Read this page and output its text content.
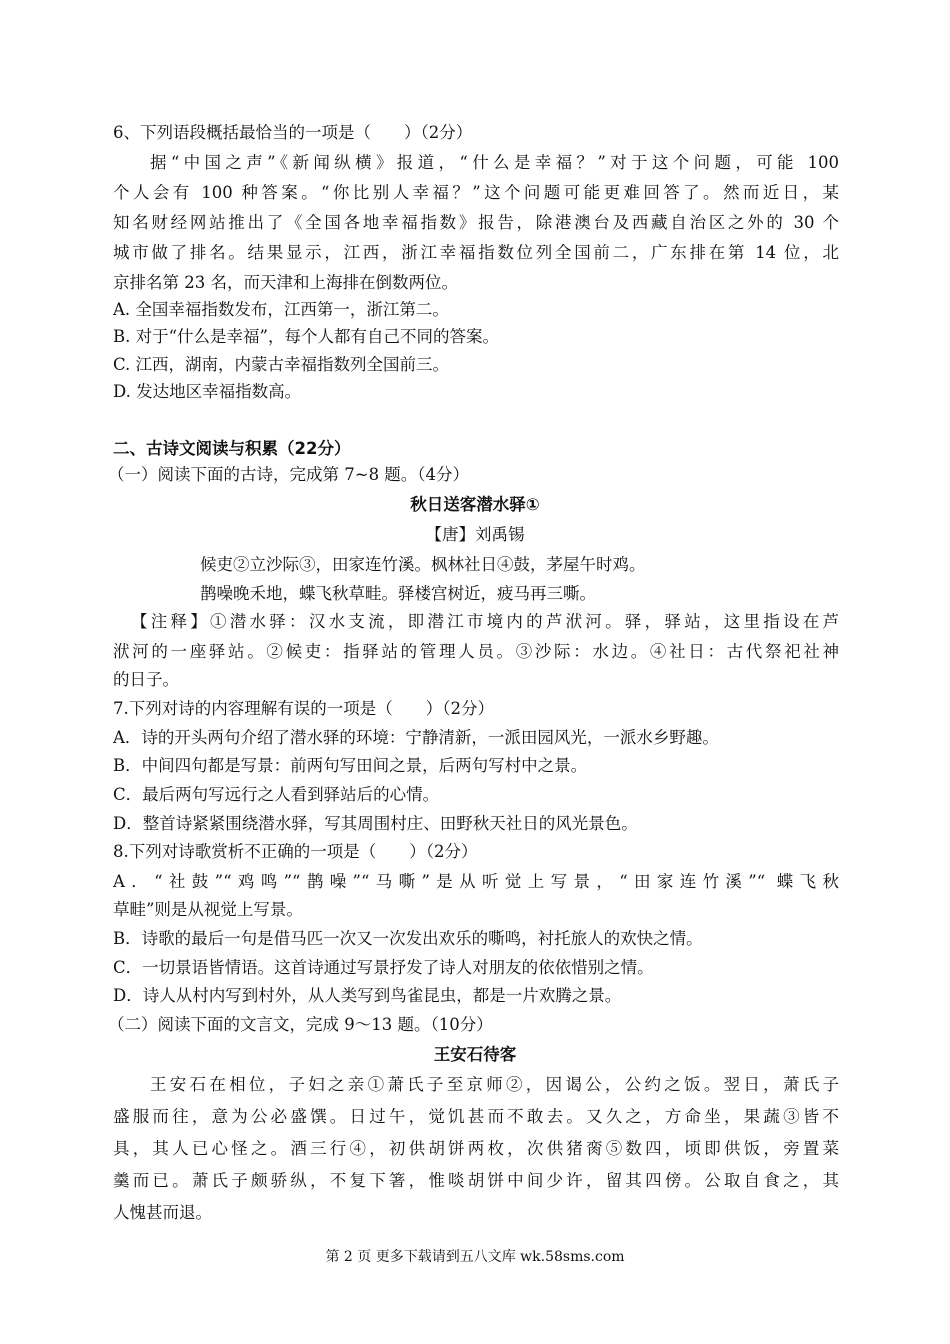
6、下列语段概括最恰当的一项是（　　）（2分）
据“中国之声”《新闻纵横》报道，“什么是幸福？”对于这个问题，可能 100
个人会有 100 种答案。“你比别人幸福？”这个问题可能更难回答了。然而近日，某
知名财经网站推出了《全国各地幸福指数》报告，除港澳台及西藏自治区之外的 30 个
城市做了排名。结果显示，江西，浙江幸福指数位列全国前二，广东排在第 14 位，北
京排名第 23 名，而天津和上海排在倒数两位。
A. 全国幸福指数发布，江西第一，浙江第二。
B. 对于“什么是幸福”，每个人都有自己不同的答案。
C. 江西，湖南，内蒙古幸福指数列全国前三。
D. 发达地区幸福指数高。
二、古诗文阅读与积累（22分）
（一）阅读下面的古诗，完成第 7~8 题。（4分）
秋日送客潜水驿①
【唐】刘禹锡
候吏②立沙际③，田家连竹溪。枫林社日④鼓，茅屋午时鸡。
鹊噪晚禾地，蝶飞秋草畦。驿楼宫树近，疲马再三嘶。
【注释】①潜水驿：汉水支流，即潜江市境内的芦洑河。驿，驿站，这里指设在芦
洑河的一座驿站。②候吏：指驿站的管理人员。③沙际：水边。④社日：古代祭祀社神
的日子。
7.下列对诗的内容理解有误的一项是（　　）（2分）
A．诗的开头两句介绍了潜水驿的环境：宁静清新，一派田园风光，一派水乡野趣。
B．中间四句都是写景：前两句写田间之景，后两句写村中之景。
C．最后两句写远行之人看到驿站后的心情。
D．整首诗紧紧围绕潜水驿，写其周围村庄、田野秋天社日的风光景色。
8.下列对诗歌赏析不正确的一项是（　　）（2分）
A．“社鼓”“鸡鸣”“鹊噪”“马嘶”是从听觉上写景，“田家连竹溪”“ 蝶飞秋
草畦”则是从视觉上写景。
B．诗歌的最后一句是借马匹一次又一次发出欢乐的嘶鸣，衬托旅人的欢快之情。
C．一切景语皆情语。这首诗通过写景抒发了诗人对朋友的依依惜别之情。
D．诗人从村内写到村外，从人类写到鸟雀昆虫，都是一片欢腾之景。
（二）阅读下面的文言文，完成 9～13 题。（10分）
王安石待客
王安石在相位，子妇之亲①萧氏子至京师②，因谒公，公约之饭。翌日，萧氏子
盛服而往，意为公必盛馔。日过午，觉饥甚而不敢去。又久之，方命坐，果蔬③皆不
具，其人已心怪之。酒三行④，初供胡饼两枚，次供猪脔⑤数四，顷即供饭，旁置菜
羹而已。萧氏子颇骄纵，不复下箸，惟啖胡饼中间少许，留其四傍。公取自食之，其
人愧甚而退。
第 2 页 更多下载请到五八文库 wk.58sms.com
